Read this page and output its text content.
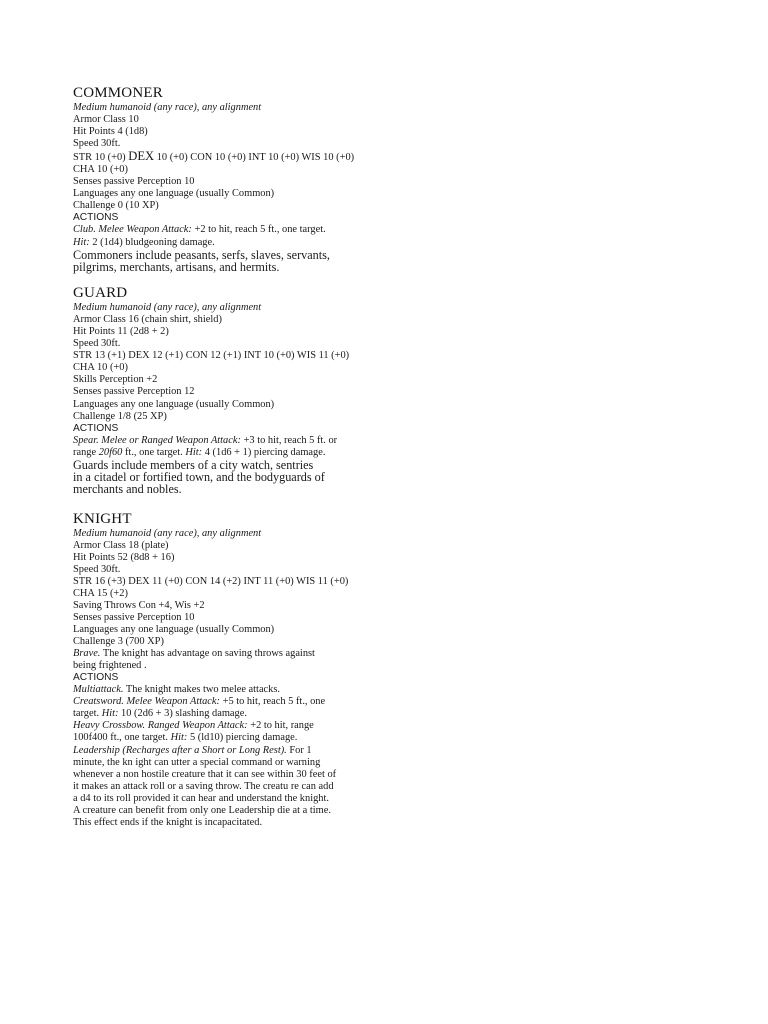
COMMONER
Medium humanoid (any race), any alignment
Armor Class 10
Hit Points 4 (1d8)
Speed 30ft.
STR 10 (+0) DEX 10 (+0) CON 10 (+0) INT 10 (+0) WIS 10 (+0)
CHA 10 (+0)
Senses passive Perception 10
Languages any one language (usually Common)
Challenge 0 (10 XP)
ACTIONS
Club. Melee Weapon Attack: +2 to hit, reach 5 ft., one target.
Hit: 2 (1d4) bludgeoning damage.
Commoners include peasants, serfs, slaves, servants,
pilgrims, merchants, artisans, and hermits.
GUARD
Medium humanoid (any race), any alignment
Armor Class 16 (chain shirt, shield)
Hit Points 11 (2d8 + 2)
Speed 30ft.
STR 13 (+1) DEX 12 (+1) CON 12 (+1) INT 10 (+0) WIS 11 (+0)
CHA 10 (+0)
Skills Perception +2
Senses passive Perception 12
Languages any one language (usually Common)
Challenge 1/8 (25 XP)
ACTIONS
Spear. Melee or Ranged Weapon Attack: +3 to hit, reach 5 ft. or
range 20f60 ft., one target. Hit: 4 (1d6 + 1) piercing damage.
Guards include members of a city watch, sentries
in a citadel or fortified town, and the bodyguards of
merchants and nobles.
KNIGHT
Medium humanoid (any race), any alignment
Armor Class 18 (plate)
Hit Points 52 (8d8 + 16)
Speed 30ft.
STR 16 (+3) DEX 11 (+0) CON 14 (+2) INT 11 (+0) WIS 11 (+0)
CHA 15 (+2)
Saving Throws Con +4, Wis +2
Senses passive Perception 10
Languages any one language (usually Common)
Challenge 3 (700 XP)
Brave. The knight has advantage on saving throws against
being frightened .
ACTIONS
Multiattack. The knight makes two melee attacks.
Creatsword. Melee Weapon Attack: +5 to hit, reach 5 ft., one
target. Hit: 10 (2d6 + 3) slashing damage.
Heavy Crossbow. Ranged Weapon Attack: +2 to hit, range
100f400 ft., one target. Hit: 5 (ld10) piercing damage.
Leadership (Recharges after a Short or Long Rest). For 1
minute, the kn ight can utter a special command or warning
whenever a non hostile creature that it can see within 30 feet of
it makes an attack roll or a saving throw. The creatu re can add
a d4 to its roll provided it can hear and understand the knight.
A creature can benefit from only one Leadership die at a time.
This effect ends if the knight is incapacitated.
